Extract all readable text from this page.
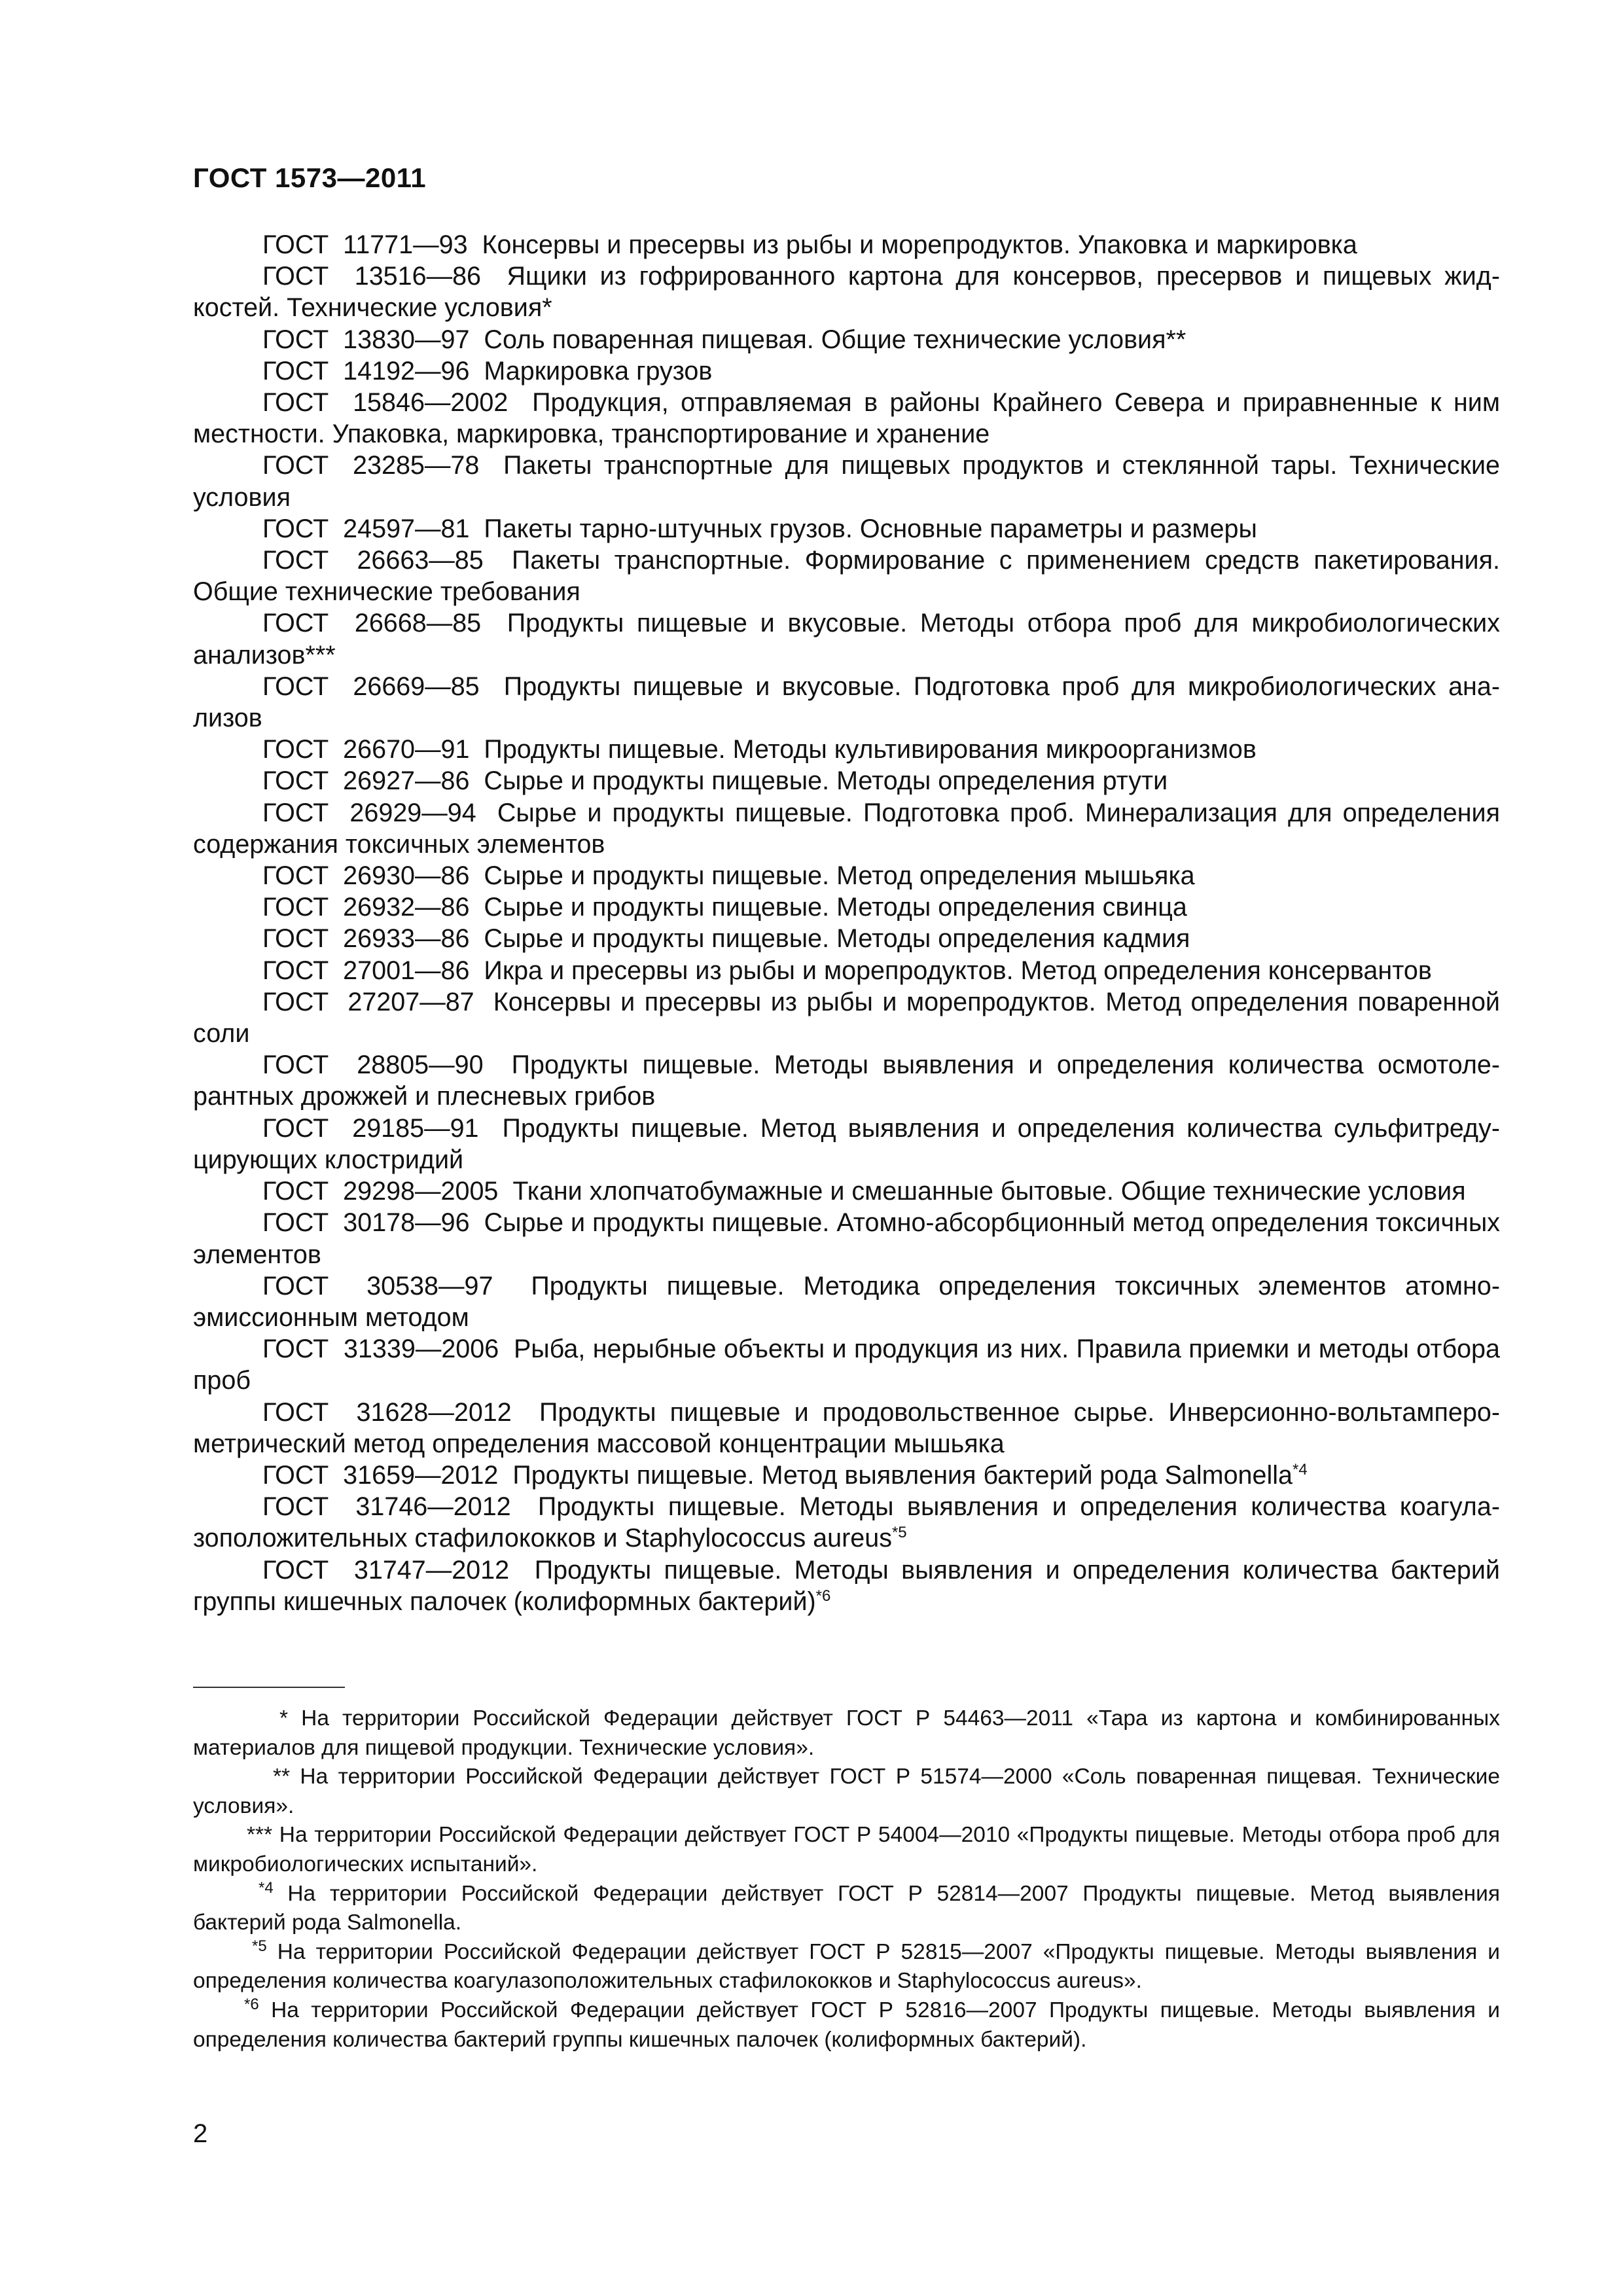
ГОСТ 1573—2011

ГОСТ  11771—93  Консервы и пресервы из рыбы и морепродуктов. Упаковка и маркировка

ГОСТ  13516—86  Ящики из гофрированного картона для консервов, пресервов и пищевых жидкостей. Технические условия*

ГОСТ  13830—97  Соль поваренная пищевая. Общие технические условия**

ГОСТ  14192—96  Маркировка грузов

ГОСТ  15846—2002  Продукция, отправляемая в районы Крайнего Севера и приравненные к ним местности. Упаковка, маркировка, транспортирование и хранение

ГОСТ  23285—78  Пакеты транспортные для пищевых продуктов и стеклянной тары. Технические условия

ГОСТ  24597—81  Пакеты тарно-штучных грузов. Основные параметры и размеры

ГОСТ  26663—85  Пакеты транспортные. Формирование с применением средств пакетирования. Общие технические требования

ГОСТ  26668—85  Продукты пищевые и вкусовые. Методы отбора проб для микробиологических анализов***

ГОСТ  26669—85  Продукты пищевые и вкусовые. Подготовка проб для микробиологических анализов

ГОСТ  26670—91  Продукты пищевые. Методы культивирования микроорганизмов

ГОСТ  26927—86  Сырье и продукты пищевые. Методы определения ртути

ГОСТ  26929—94  Сырье и продукты пищевые. Подготовка проб. Минерализация для определения содержания токсичных элементов

ГОСТ  26930—86  Сырье и продукты пищевые. Метод определения мышьяка

ГОСТ  26932—86  Сырье и продукты пищевые. Методы определения свинца

ГОСТ  26933—86  Сырье и продукты пищевые. Методы определения кадмия

ГОСТ  27001—86  Икра и пресервы из рыбы и морепродуктов. Метод определения консервантов

ГОСТ  27207—87  Консервы и пресервы из рыбы и морепродуктов. Метод определения поваренной соли

ГОСТ  28805—90  Продукты пищевые. Методы выявления и определения количества осмотолерантных дрожжей и плесневых грибов

ГОСТ  29185—91  Продукты пищевые. Метод выявления и определения количества сульфитредуцирующих клостридий

ГОСТ  29298—2005  Ткани хлопчатобумажные и смешанные бытовые. Общие технические условия

ГОСТ  30178—96  Сырье и продукты пищевые. Атомно-абсорбционный метод определения токсичных элементов

ГОСТ  30538—97  Продукты пищевые. Методика определения токсичных элементов атомно-эмиссионным методом

ГОСТ  31339—2006  Рыба, нерыбные объекты и продукция из них. Правила приемки и методы отбора проб

ГОСТ  31628—2012  Продукты пищевые и продовольственное сырье. Инверсионно-вольтампеpoметрический метод определения массовой концентрации мышьяка

ГОСТ  31659—2012  Продукты пищевые. Метод выявления бактерий рода Salmonella$^{*4}$

ГОСТ  31746—2012  Продукты пищевые. Методы выявления и определения количества коагулазоположительных стафилококков и Staphylococcus aureus$^{*5}$

ГОСТ  31747—2012  Продукты пищевые. Методы выявления и определения количества бактерий группы кишечных палочек (колиформных бактерий)$^{*6}$

* На территории Российской Федерации действует ГОСТ Р 54463—2011 «Тара из картона и комбинированных материалов для пищевой продукции. Технические условия».

** На территории Российской Федерации действует ГОСТ Р 51574—2000 «Соль поваренная пищевая. Технические условия».

*** На территории Российской Федерации действует ГОСТ Р 54004—2010 «Продукты пищевые. Методы отбора проб для микробиологических испытаний».

$^{*4}$ На территории Российской Федерации действует ГОСТ Р 52814—2007 Продукты пищевые. Метод выявления бактерий рода Salmonella.

$^{*5}$ На территории Российской Федерации действует ГОСТ Р 52815—2007 «Продукты пищевые. Методы выявления и определения количества коагулазоположительных стафилококков и Staphylococcus aureus».

$^{*6}$ На территории Российской Федерации действует ГОСТ Р 52816—2007 Продукты пищевые. Методы выявления и определения количества бактерий группы кишечных палочек (колиформных бактерий).

2
